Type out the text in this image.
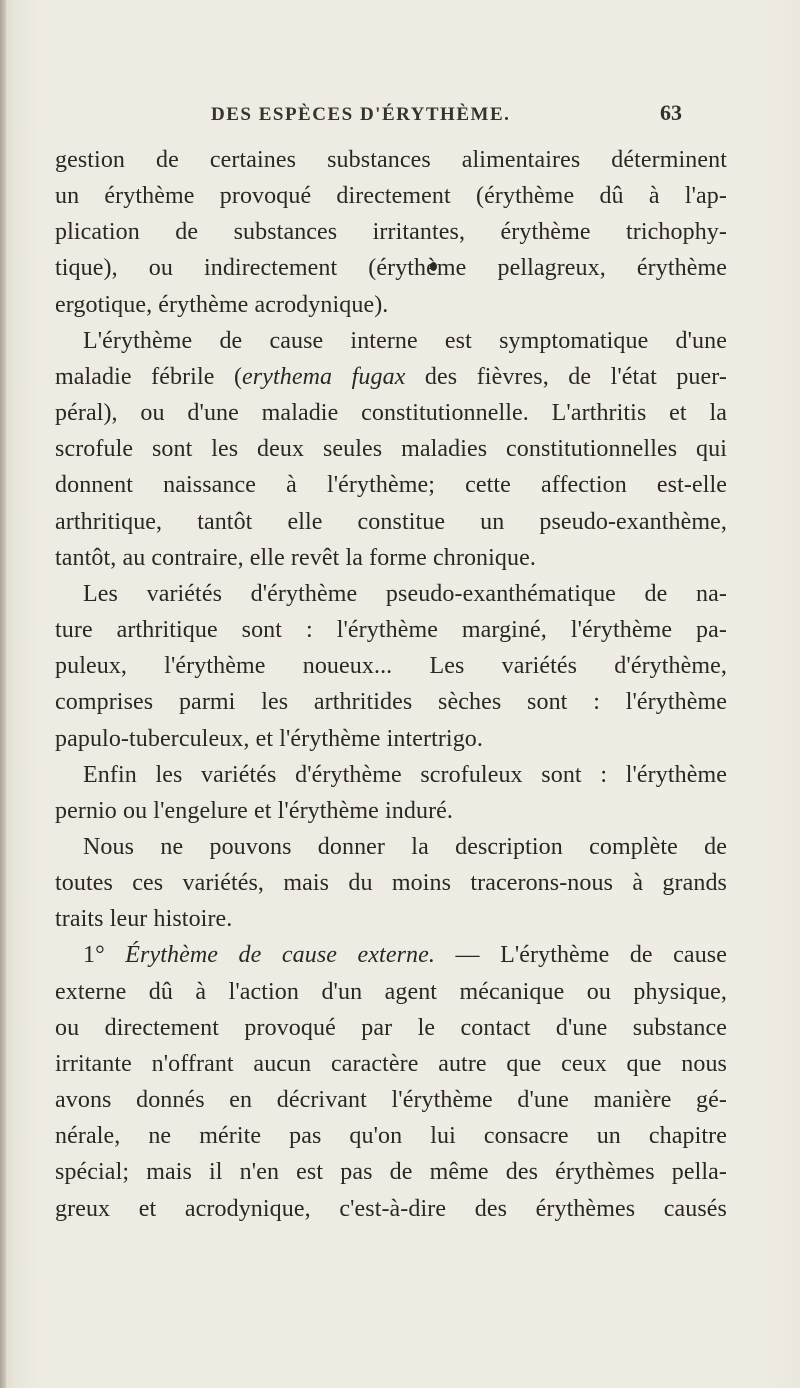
DES ESPÈCES D'ÉRYTHÈME.	63
gestion de certaines substances alimentaires déterminent
un érythème provoqué directement (érythème dû à l'ap-
plication de substances irritantes, érythème trichophy-
tique), ou indirectement (érythème pellagreux, érythème
ergotique, érythème acrodynique).
L'érythème de cause interne est symptomatique d'une
maladie fébrile (erythema fugax des fièvres, de l'état puer-
péral), ou d'une maladie constitutionnelle. L'arthritis et la
scrofule sont les deux seules maladies constitutionnelles qui
donnent naissance à l'érythème; cette affection est-elle
arthritique, tantôt elle constitue un pseudo-exanthème,
tantôt, au contraire, elle revêt la forme chronique.
Les variétés d'érythème pseudo-exanthématique de na-
ture arthritique sont : l'érythème marginé, l'érythème pa-
puleux, l'érythème noueux... Les variétés d'érythème,
comprises parmi les arthritides sèches sont : l'érythème
papulo-tuberculeux, et l'érythème intertrigo.
Enfin les variétés d'érythème scrofuleux sont : l'érythème
pernio ou l'engelure et l'érythème induré.
Nous ne pouvons donner la description complète de
toutes ces variétés, mais du moins tracerons-nous à grands
traits leur histoire.
1° Érythème de cause externe. — L'érythème de cause
externe dû à l'action d'un agent mécanique ou physique,
ou directement provoqué par le contact d'une substance
irritante n'offrant aucun caractère autre que ceux que nous
avons donnés en décrivant l'érythème d'une manière gé-
nérale, ne mérite pas qu'on lui consacre un chapitre
spécial; mais il n'en est pas de même des érythèmes pella-
greux et acrodynique, c'est-à-dire des érythèmes causés
